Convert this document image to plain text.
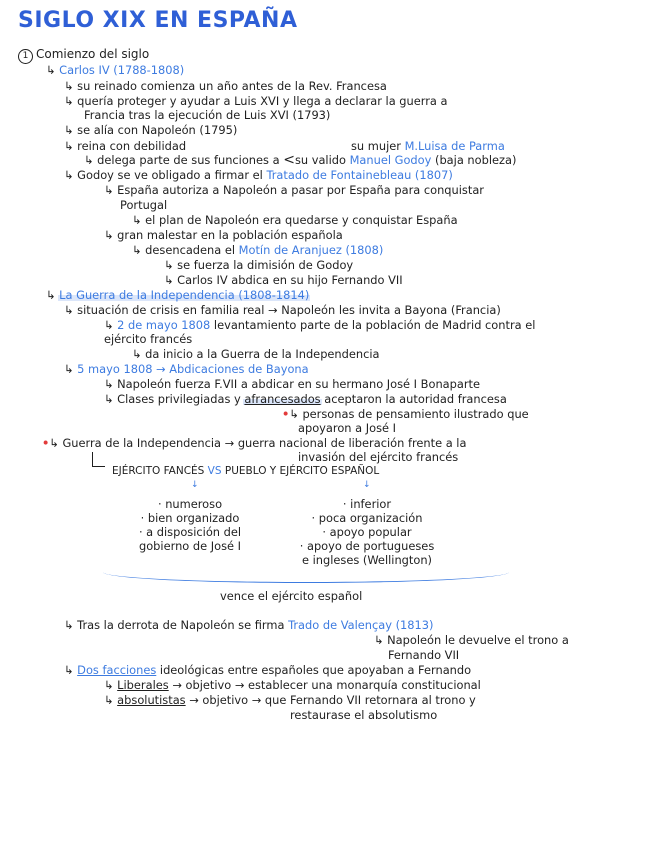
SIGLO XIX EN ESPAÑA
1 Comienzo del siglo
↳ Carlos IV (1788-1808)
↳ su reinado comienza un año antes de la Rev. Francesa
↳ quería proteger y ayudar a Luis XVI y llega a declarar la guerra a
Francia tras la ejecución de Luis XVI (1793)
↳ se alía con Napoleón (1795)
↳ reina con debilidad	su mujer M.Luisa de Parma
↳ delega parte de sus funciones a <su valido Manuel Godoy (baja nobleza)
↳ Godoy se ve obligado a firmar el Tratado de Fontainebleau (1807)
↳ España autoriza a Napoleón a pasar por España para conquistar
Portugal
↳ el plan de Napoleón era quedarse y conquistar España
↳ gran malestar en la población española
↳ desencadena el Motín de Aranjuez (1808)
↳ se fuerza la dimisión de Godoy
↳ Carlos IV abdica en su hijo Fernando VII
↳ La Guerra de la Independencia (1808-1814)
↳ situación de crisis en familia real → Napoleón les invita a Bayona (Francia)
↳ 2 de mayo 1808 levantamiento parte de la población de Madrid contra el
ejército francés
↳ da inicio a la Guerra de la Independencia
↳ 5 mayo 1808 → Abdicaciones de Bayona
↳ Napoleón fuerza F.VII a abdicar en su hermano José I Bonaparte
↳ Clases privilegiadas y afrancesados aceptaron la autoridad francesa
•↳ personas de pensamiento ilustrado que
apoyaron a José I
•↳ Guerra de la Independencia → guerra nacional de liberación frente a la
invasión del ejército francés
EJÉRCITO FANCÉS VS PUEBLO Y EJÉRCITO ESPAÑOL
↓	↓
· numeroso
· bien organizado
· a disposición del
gobierno de José I
· inferior
· poca organización
· apoyo popular
· apoyo de portugueses
e ingleses (Wellington)
vence el ejército español
↳ Tras la derrota de Napoleón se firma Trado de Valençay (1813)
↳ Napoleón le devuelve el trono a
Fernando VII
↳ Dos facciones ideológicas entre españoles que apoyaban a Fernando
↳ Liberales → objetivo → establecer una monarquía constitucional
↳ absolutistas → objetivo → que Fernando VII retornara al trono y
restaurase el absolutismo
